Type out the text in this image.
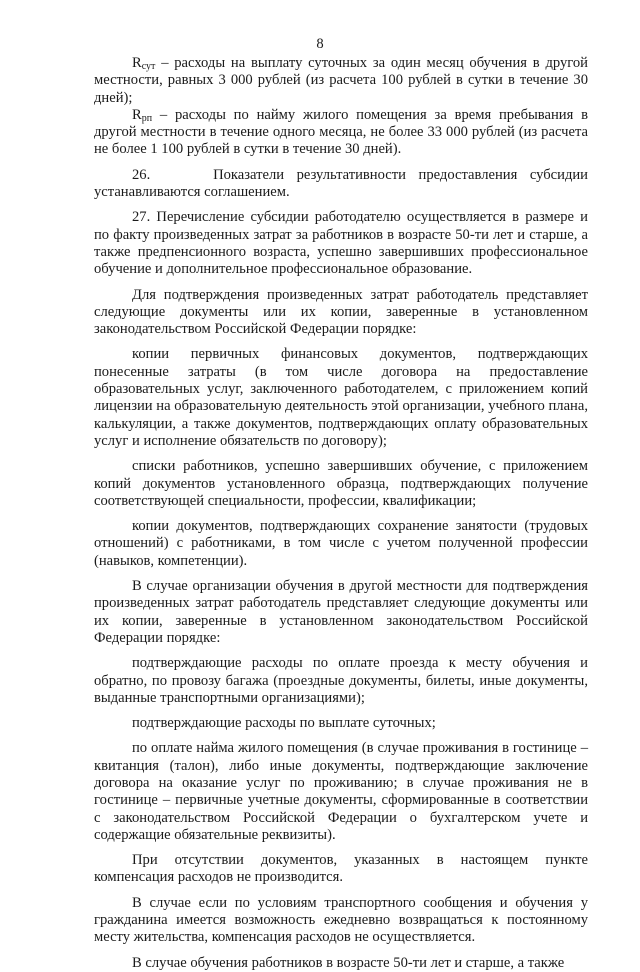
8

$R_{сут}$ – расходы на выплату суточных за один месяц обучения в другой местности, равных 3 000 рублей (из расчета 100 рублей в сутки в течение 30 дней);

$R_{рп}$ – расходы по найму жилого помещения за время пребывания в другой местности в течение одного месяца, не более 33 000 рублей (из расчета не более 1 100 рублей в сутки в течение 30 дней).

26.     Показатели результативности предоставления субсидии устанавливаются соглашением.

27. Перечисление субсидии работодателю осуществляется в размере и по факту произведенных затрат за работников в возрасте 50-ти лет и старше, а также предпенсионного возраста, успешно завершивших профессиональное обучение и дополнительное профессиональное образование.

Для подтверждения произведенных затрат работодатель представляет следующие документы или их копии, заверенные в установленном законодательством Российской Федерации порядке:

копии первичных финансовых документов, подтверждающих понесенные затраты (в том числе договора на предоставление образовательных услуг, заключенного работодателем, с приложением копий лицензии на образовательную деятельность этой организации, учебного плана, калькуляции, а также документов, подтверждающих оплату образовательных услуг и исполнение обязательств по договору);

списки работников, успешно завершивших обучение, с приложением копий документов установленного образца, подтверждающих получение соответствующей специальности, профессии, квалификации;

копии документов, подтверждающих сохранение занятости (трудовых отношений) с работниками, в том числе с учетом полученной профессии (навыков, компетенции).

В случае организации обучения в другой местности для подтверждения произведенных затрат работодатель представляет следующие документы или их копии, заверенные в установленном законодательством Российской Федерации порядке:

подтверждающие расходы по оплате проезда к месту обучения и обратно, по провозу багажа (проездные документы, билеты, иные документы, выданные транспортными организациями);

подтверждающие расходы по выплате суточных;

по оплате найма жилого помещения (в случае проживания в гостинице – квитанция (талон), либо иные документы, подтверждающие заключение договора на оказание услуг по проживанию; в случае проживания не в гостинице – первичные учетные документы, сформированные в соответствии с законодательством Российской Федерации о бухгалтерском учете и содержащие обязательные реквизиты).

При отсутствии документов, указанных в настоящем пункте компенсация расходов не производится.

В случае если по условиям транспортного сообщения и обучения у гражданина имеется возможность ежедневно возвращаться к постоянному месту жительства, компенсация расходов не осуществляется.

В случае обучения работников в возрасте 50-ти лет и старше, а также
